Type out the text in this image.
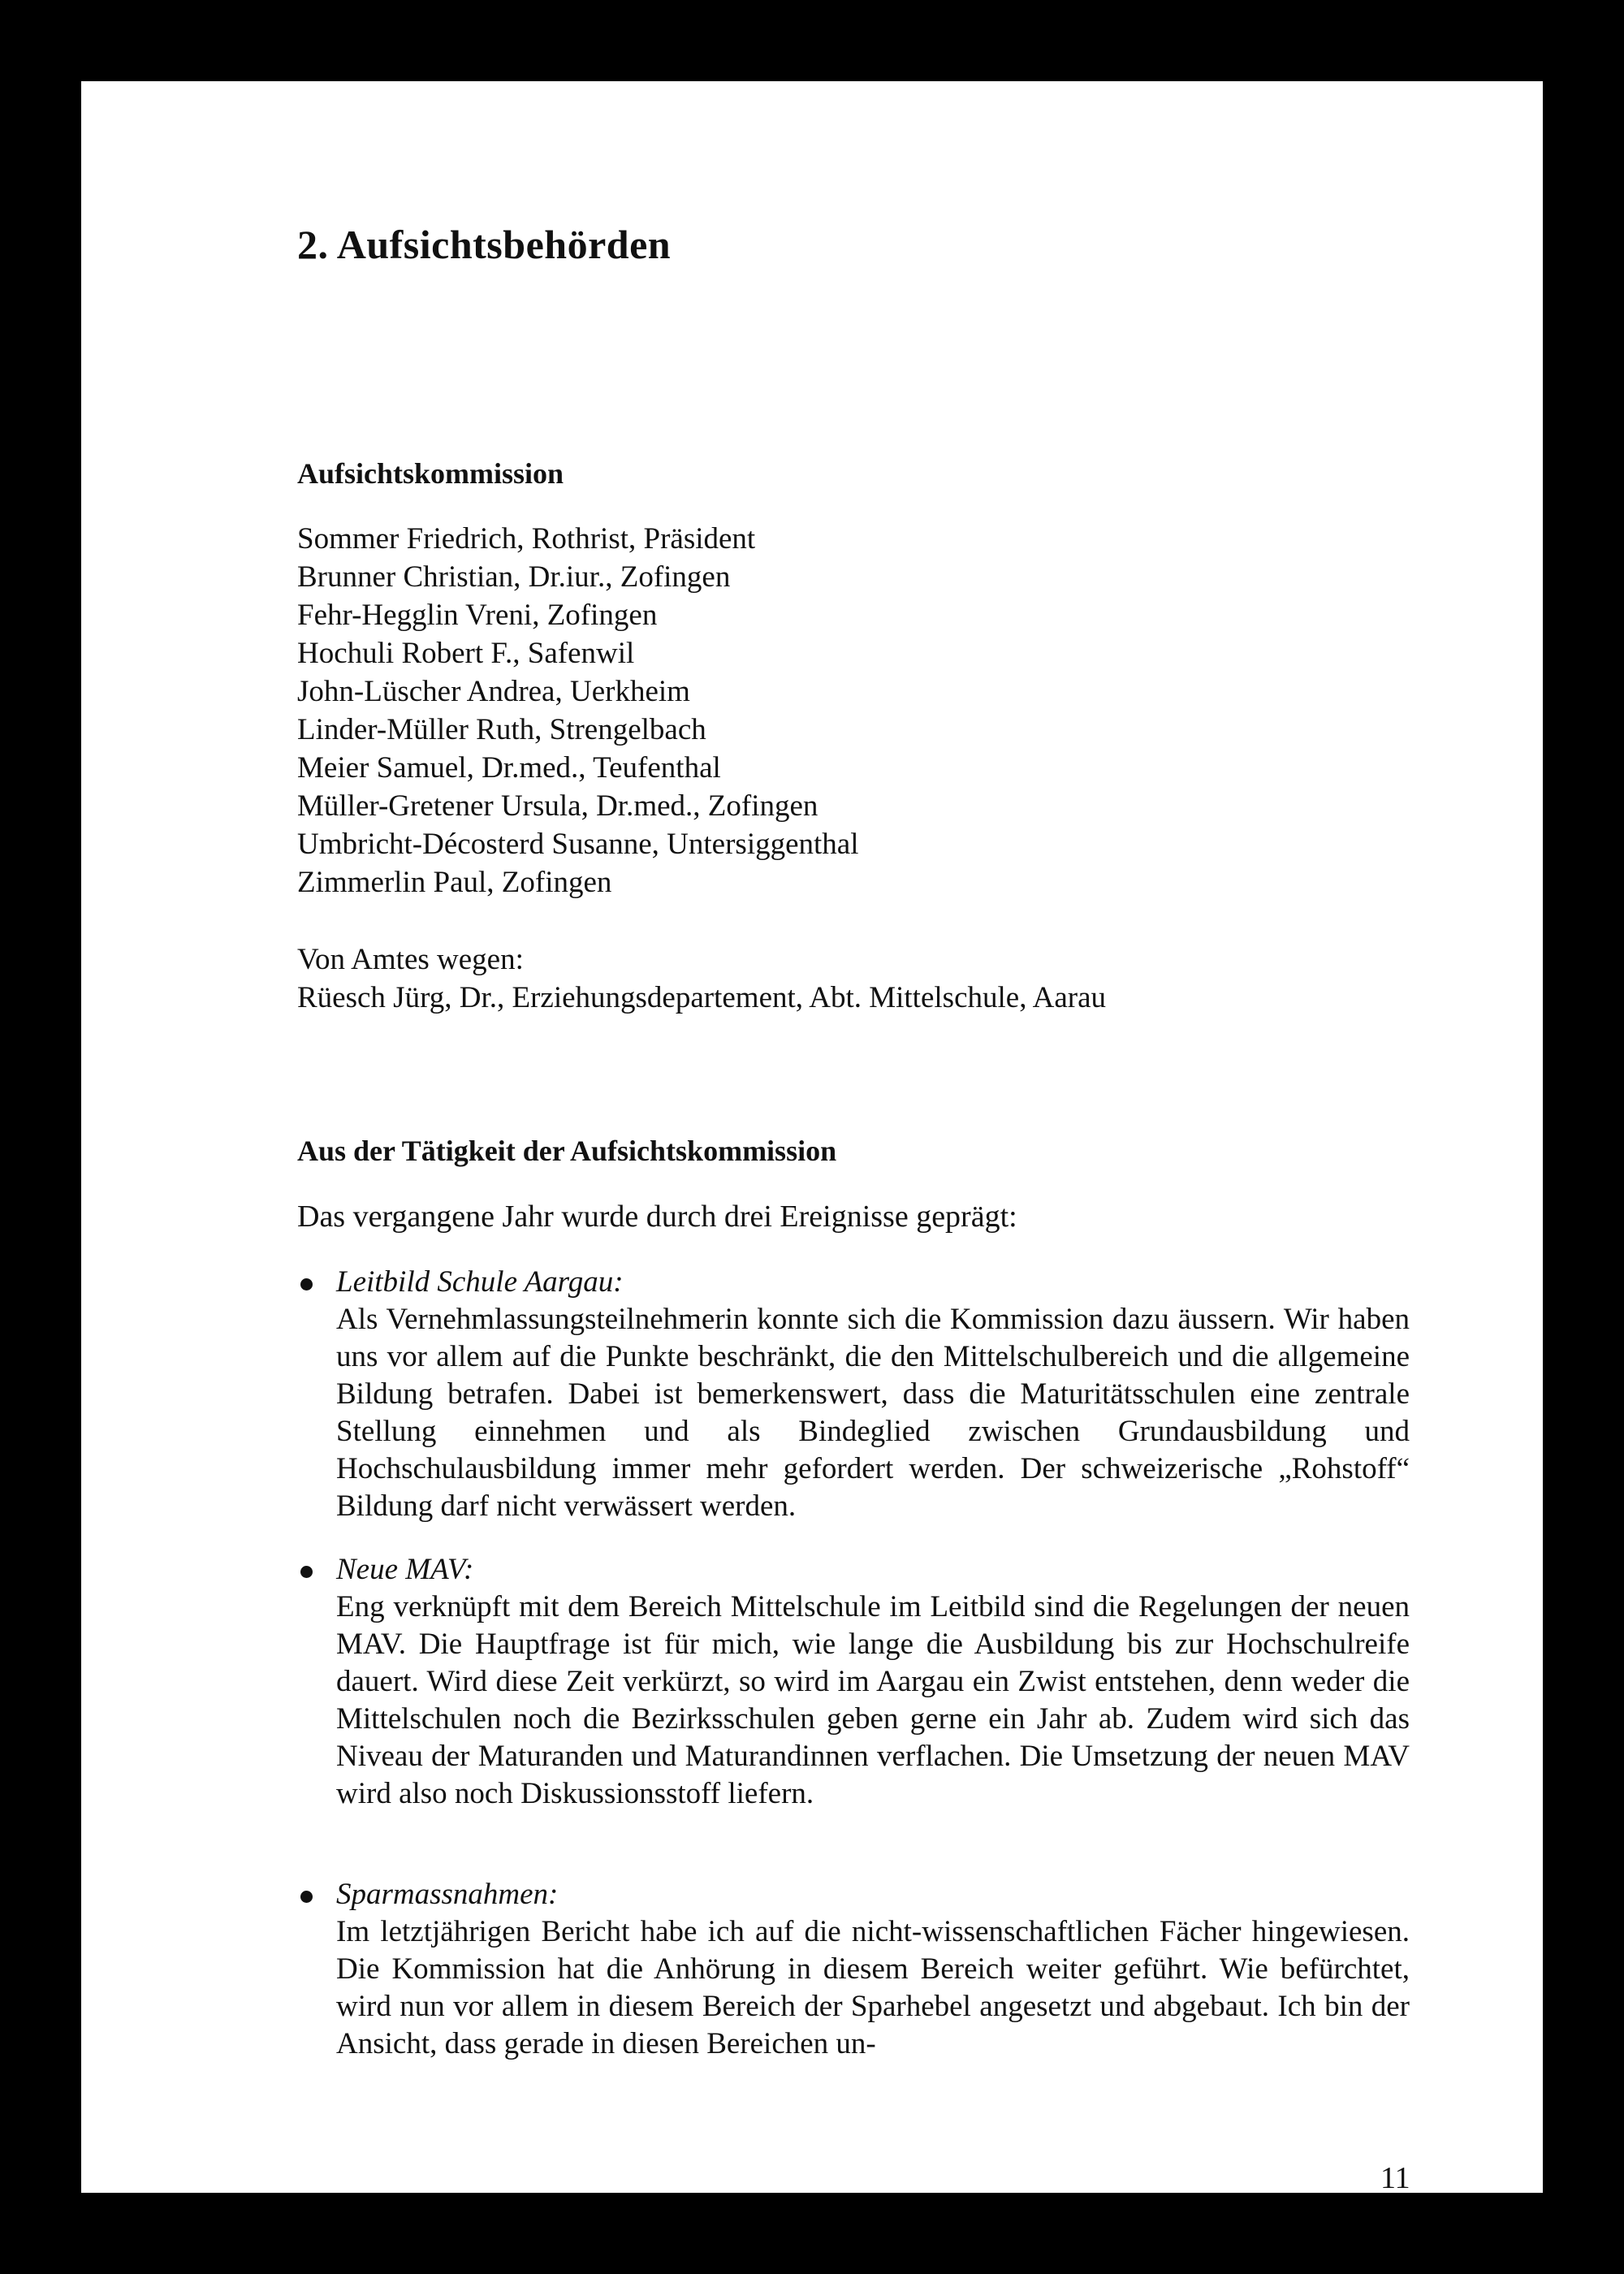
2. Aufsichtsbehörden
Aufsichtskommission
Sommer Friedrich, Rothrist, Präsident
Brunner Christian, Dr.iur., Zofingen
Fehr-Hegglin Vreni, Zofingen
Hochuli Robert F., Safenwil
John-Lüscher Andrea, Uerkheim
Linder-Müller Ruth, Strengelbach
Meier Samuel, Dr.med., Teufenthal
Müller-Gretener Ursula, Dr.med., Zofingen
Umbricht-Décosterd Susanne, Untersiggenthal
Zimmerlin Paul, Zofingen

Von Amtes wegen:
Rüesch Jürg, Dr., Erziehungsdepartement, Abt. Mittelschule, Aarau

Aus der Tätigkeit der Aufsichtskommission

Das vergangene Jahr wurde durch drei Ereignisse geprägt:

Leitbild Schule Aargau:

Als Vernehmlassungsteilnehmerin konnte sich die Kommission dazu äussern. Wir haben uns vor allem auf die Punkte beschränkt, die den Mittelschulbereich und die allgemeine Bildung betrafen. Dabei ist bemerkenswert, dass die Maturitätsschulen eine zentrale Stellung einnehmen und als Bindeglied zwischen Grundausbildung und Hochschulausbildung immer mehr gefordert werden. Der schweizerische „Rohstoff“ Bildung darf nicht verwässert werden.

Neue MAV:

Eng verknüpft mit dem Bereich Mittelschule im Leitbild sind die Regelungen der neuen MAV. Die Hauptfrage ist für mich, wie lange die Ausbildung bis zur Hochschulreife dauert. Wird diese Zeit verkürzt, so wird im Aargau ein Zwist entstehen, denn weder die Mittelschulen noch die Bezirksschulen geben gerne ein Jahr ab. Zudem wird sich das Niveau der Maturanden und Maturandinnen verflachen. Die Umsetzung der neuen MAV wird also noch Diskussionsstoff liefern.

Sparmassnahmen:

Im letztjährigen Bericht habe ich auf die nicht-wissenschaftlichen Fächer hingewiesen. Die Kommission hat die Anhörung in diesem Bereich weiter geführt. Wie befürchtet, wird nun vor allem in diesem Bereich der Sparhebel angesetzt und abgebaut. Ich bin der Ansicht, dass gerade in diesen Bereichen un-

11
